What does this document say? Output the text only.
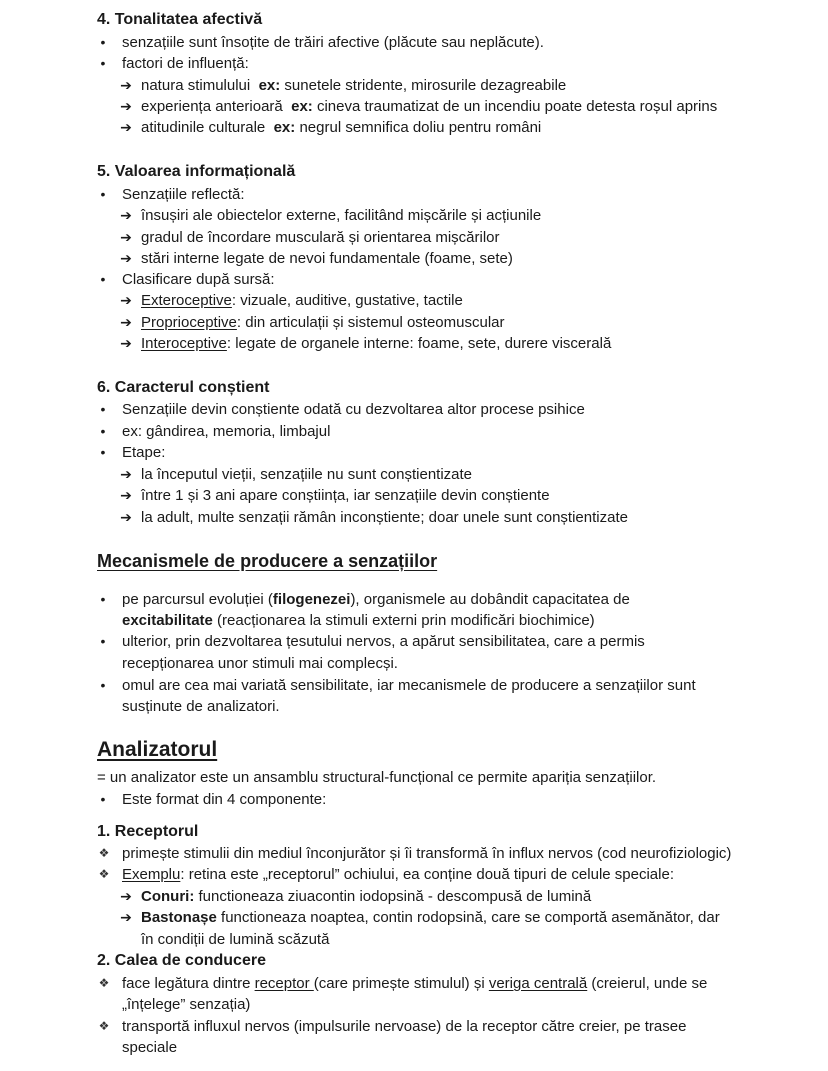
4. Tonalitatea afectivă
• senzațiile sunt însoțite de trăiri afective (plăcute sau neplăcute).
• factori de influență:
➔ natura stimulului ex: sunetele stridente, mirosurile dezagreabile
➔ experiența anterioară ex: cineva traumatizat de un incendiu poate detesta roșul aprins
➔ atitudinile culturale ex: negrul semnifica doliu pentru români
5. Valoarea informațională
• Senzațiile reflectă:
➔ însușiri ale obiectelor externe, facilitând mișcările și acțiunile
➔ gradul de încordare musculară și orientarea mișcărilor
➔ stări interne legate de nevoi fundamentale (foame, sete)
• Clasificare după sursă:
➔ Exteroceptive: vizuale, auditive, gustative, tactile
➔ Proprioceptive: din articulații și sistemul osteomuscular
➔ Interoceptive: legate de organele interne: foame, sete, durere viscerală
6. Caracterul conștient
• Senzațiile devin conștiente odată cu dezvoltarea altor procese psihice
• ex: gândirea, memoria, limbajul
• Etape:
➔ la începutul vieții, senzațiile nu sunt conștientizate
➔ între 1 și 3 ani apare conștiința, iar senzațiile devin conștiente
➔ la adult, multe senzații rămân inconștiente; doar unele sunt conștientizate
Mecanismele de producere a senzațiilor
• pe parcursul evoluției (filogenezei), organismele au dobândit capacitatea de
excitabilitate (reacționarea la stimuli externi prin modificări biochimice)
• ulterior, prin dezvoltarea țesutului nervos, a apărut sensibilitatea, care a permis
recepționarea unor stimuli mai complecși.
• omul are cea mai variată sensibilitate, iar mecanismele de producere a senzațiilor sunt
susținute de analizatori.
Analizatorul
= un analizator este un ansamblu structural-funcțional ce permite apariția senzațiilor.
• Este format din 4 componente:
1. Receptorul
❖ primește stimulii din mediul înconjurător și îi transformă în influx nervos (cod neurofiziologic)
❖ Exemplu: retina este „receptorul” ochiului, ea conține două tipuri de celule speciale:
➔ Conuri: functioneaza ziuacontin iodopsină - descompusă de lumină
➔ Bastonașe functioneaza noaptea, contin rodopsină, care se comportă asemănător, dar
în condiții de lumină scăzută
2. Calea de conducere
❖ face legătura dintre receptor (care primește stimulul) și veriga centrală (creierul, unde se
„înțelege” senzația)
❖ transportă influxul nervos (impulsurile nervoase) de la receptor către creier, pe trasee
speciale
